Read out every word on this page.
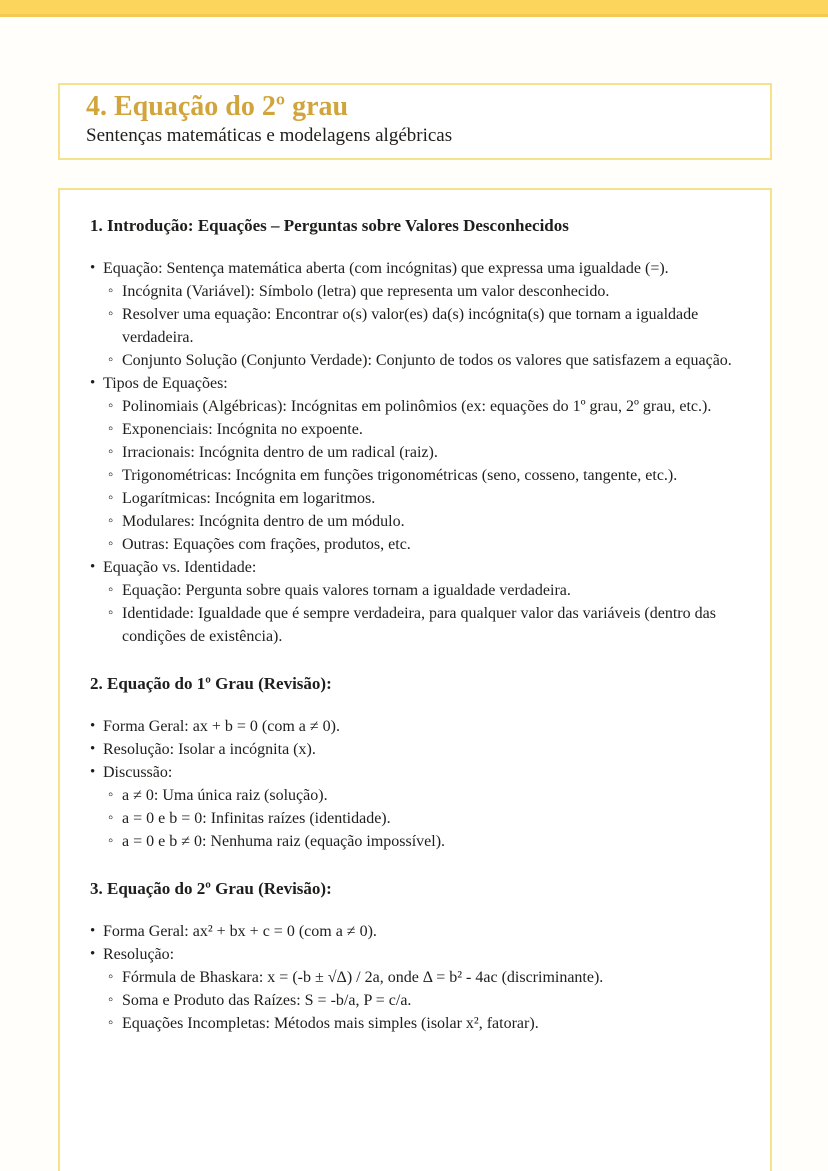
4. Equação do 2º grau

Sentenças matemáticas e modelagens algébricas

1. Introdução: Equações – Perguntas sobre Valores Desconhecidos
• Equação: Sentença matemática aberta (com incógnitas) que expressa uma igualdade (=).
◦ Incógnita (Variável): Símbolo (letra) que representa um valor desconhecido.
◦ Resolver uma equação: Encontrar o(s) valor(es) da(s) incógnita(s) que tornam a igualdade verdadeira.
◦ Conjunto Solução (Conjunto Verdade): Conjunto de todos os valores que satisfazem a equação.
• Tipos de Equações:
◦ Polinomiais (Algébricas): Incógnitas em polinômios (ex: equações do 1º grau, 2º grau, etc.).
◦ Exponenciais: Incógnita no expoente.
◦ Irracionais: Incógnita dentro de um radical (raiz).
◦ Trigonométricas: Incógnita em funções trigonométricas (seno, cosseno, tangente, etc.).
◦ Logarítmicas: Incógnita em logaritmos.
◦ Modulares: Incógnita dentro de um módulo.
◦ Outras: Equações com frações, produtos, etc.
• Equação vs. Identidade:
◦ Equação: Pergunta sobre quais valores tornam a igualdade verdadeira.
◦ Identidade: Igualdade que é sempre verdadeira, para qualquer valor das variáveis (dentro das condições de existência).
2. Equação do 1º Grau (Revisão):
• Forma Geral: ax + b = 0 (com a ≠ 0).
• Resolução: Isolar a incógnita (x).
• Discussão:
◦ a ≠ 0: Uma única raiz (solução).
◦ a = 0 e b = 0: Infinitas raízes (identidade).
◦ a = 0 e b ≠ 0: Nenhuma raiz (equação impossível).
3. Equação do 2º Grau (Revisão):
• Forma Geral: ax² + bx + c = 0 (com a ≠ 0).
• Resolução:
◦ Fórmula de Bhaskara: x = (-b ± √Δ) / 2a, onde Δ = b² - 4ac (discriminante).
◦ Soma e Produto das Raízes: S = -b/a, P = c/a.
◦ Equações Incompletas: Métodos mais simples (isolar x², fatorar).
